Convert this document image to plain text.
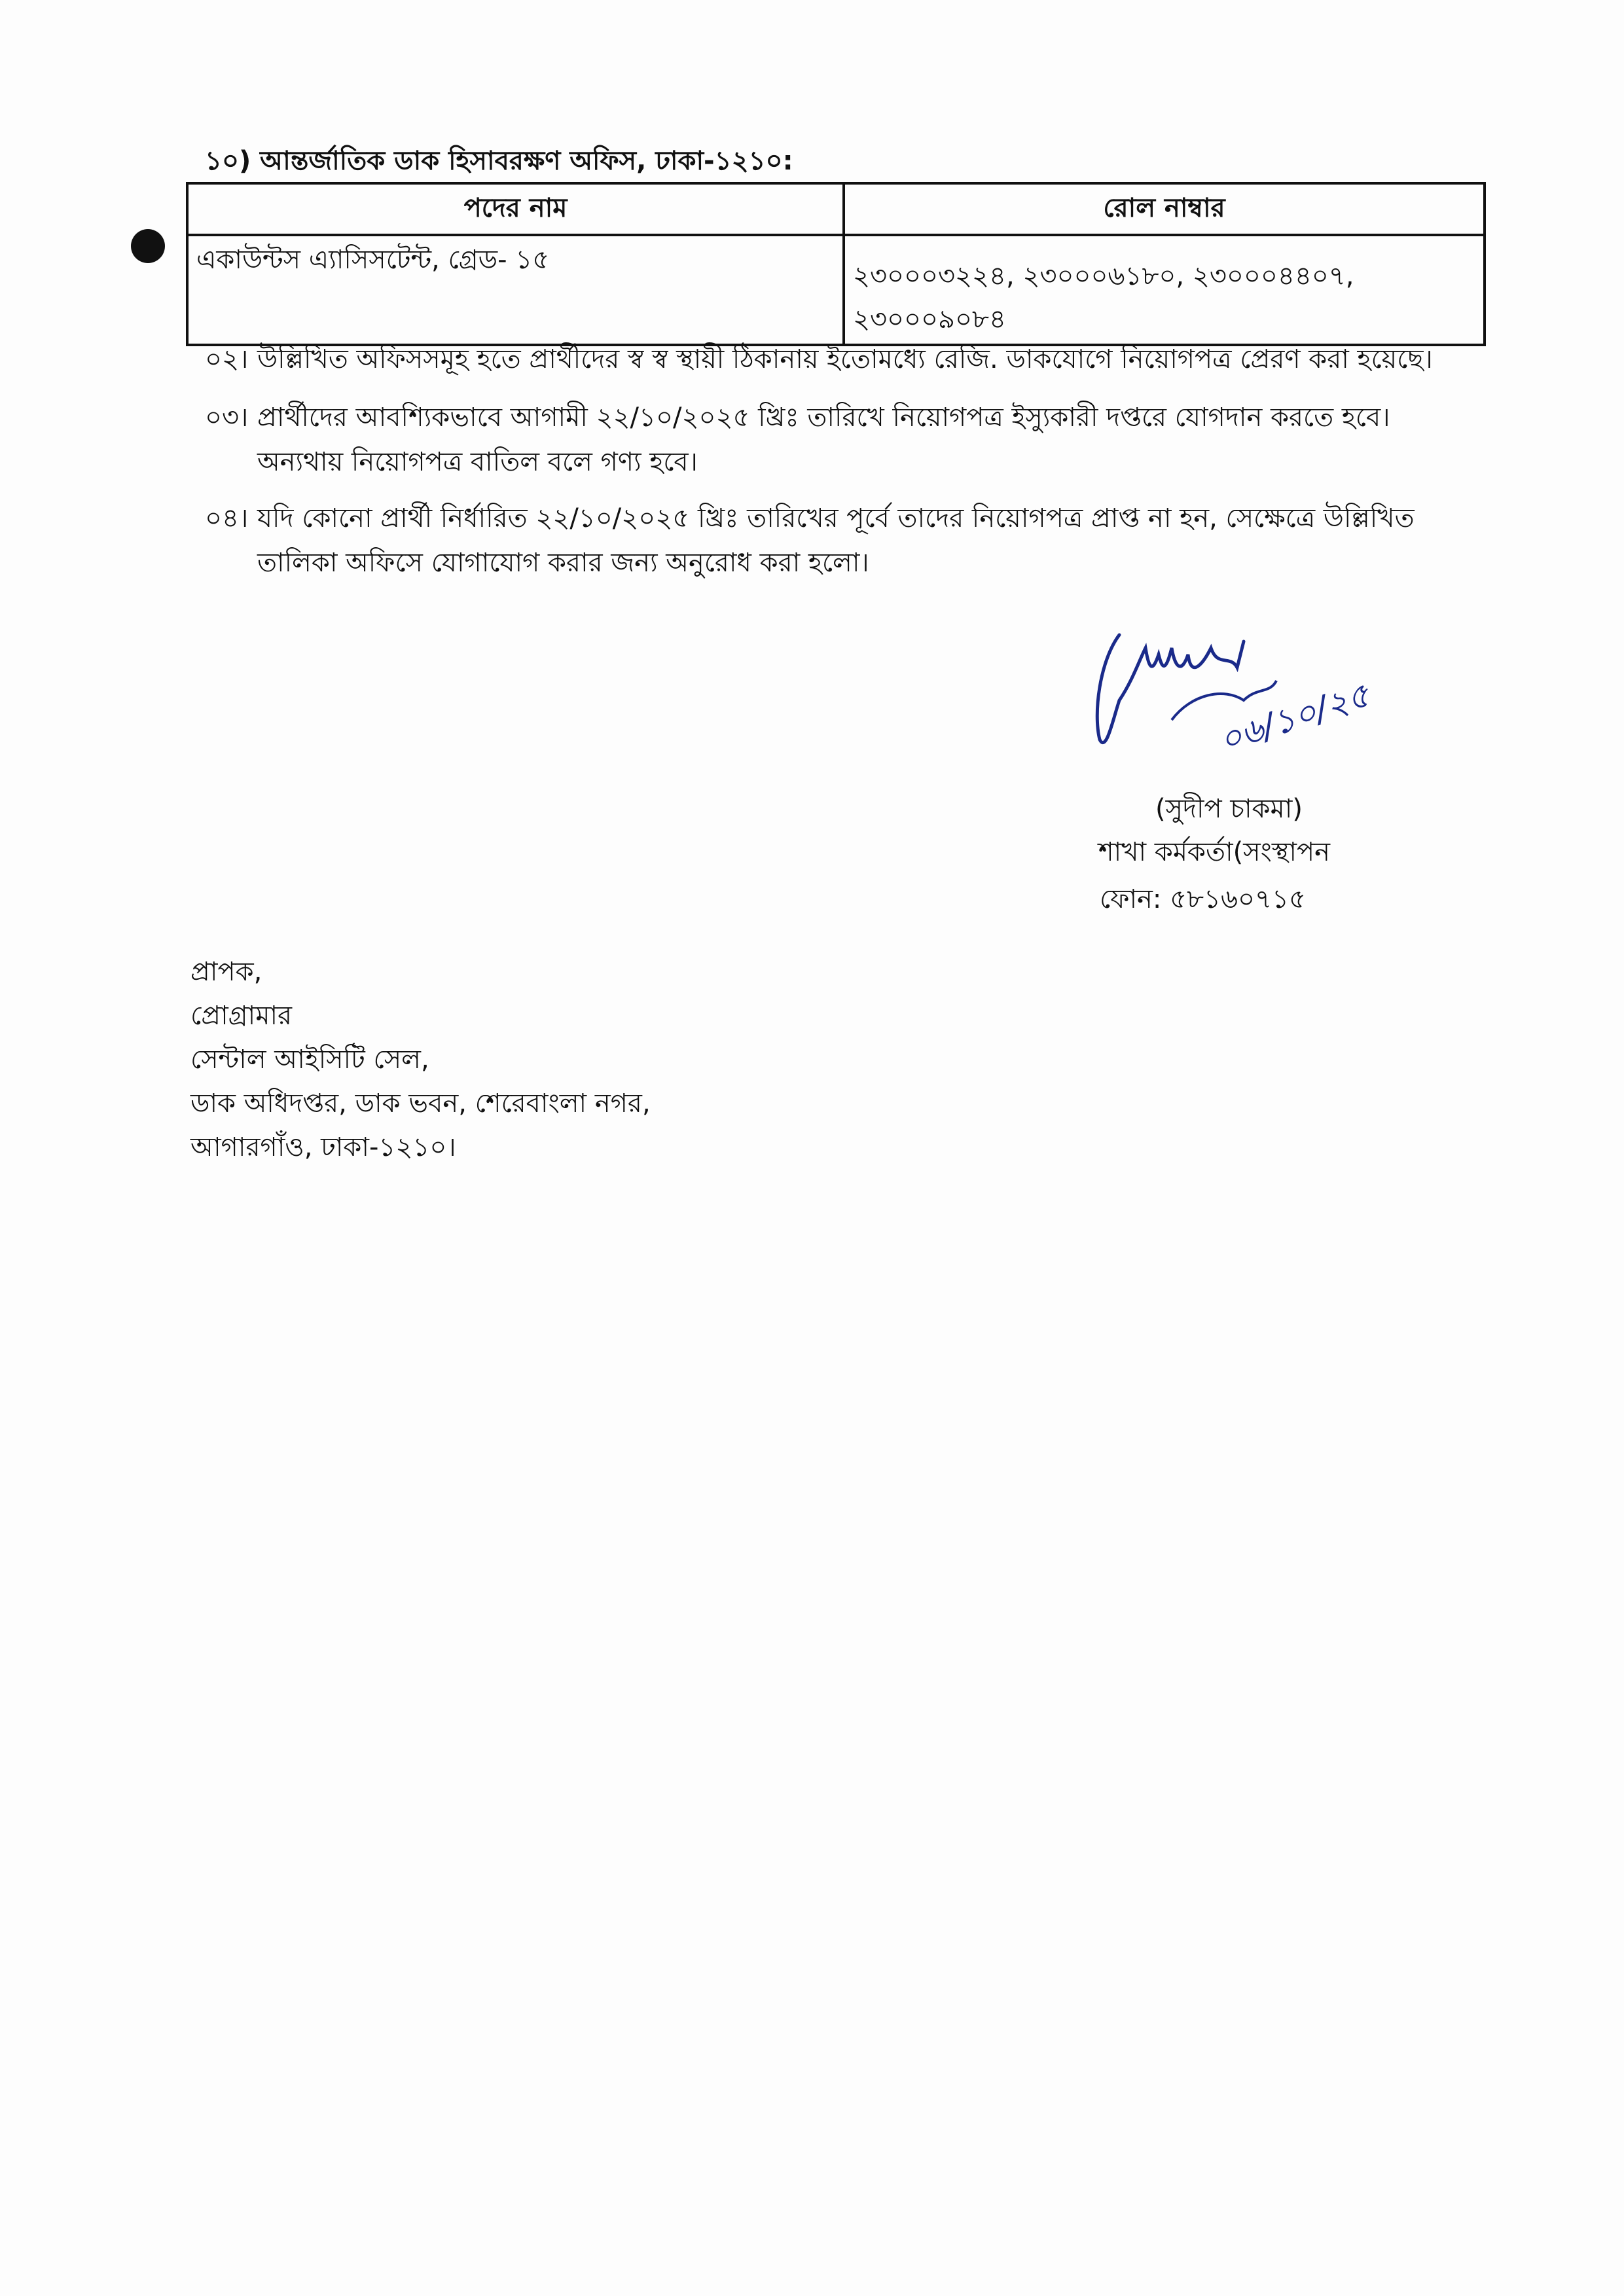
১০) আন্তর্জাতিক ডাক হিসাবরক্ষণ অফিস, ঢাকা-১২১০:
পদের নাম	রোল নাম্বার
একাউন্টস এ্যাসিসটেন্ট, গ্রেড- ১৫	২৩০০০৩২২৪, ২৩০০০৬১৮০, ২৩০০০৪৪০৭,
২৩০০০৯০৮৪
০২। উল্লিখিত অফিসসমূহ হতে প্রার্থীদের স্ব স্ব স্থায়ী ঠিকানায় ইতোমধ্যে রেজি. ডাকযোগে নিয়োগপত্র প্রেরণ করা হয়েছে।
০৩। প্রার্থীদের আবশ্যিকভাবে আগামী ২২/১০/২০২৫ খ্রিঃ তারিখে নিয়োগপত্র ইস্যুকারী দপ্তরে যোগদান করতে হবে।
অন্যথায় নিয়োগপত্র বাতিল বলে গণ্য হবে।
০৪। যদি কোনো প্রার্থী নির্ধারিত ২২/১০/২০২৫ খ্রিঃ তারিখের পূর্বে তাদের নিয়োগপত্র প্রাপ্ত না হন, সেক্ষেত্রে উল্লিখিত
তালিকা অফিসে যোগাযোগ করার জন্য অনুরোধ করা হলো।
০৬/১০/২৫
(সুদীপ চাকমা)
শাখা কর্মকর্তা(সংস্থাপন
ফোন: ৫৮১৬০৭১৫
প্রাপক,
প্রোগ্রামার
সেন্টাল আইসিটি সেল,
ডাক অধিদপ্তর, ডাক ভবন, শেরেবাংলা নগর,
আগারগাঁও, ঢাকা-১২১০।
